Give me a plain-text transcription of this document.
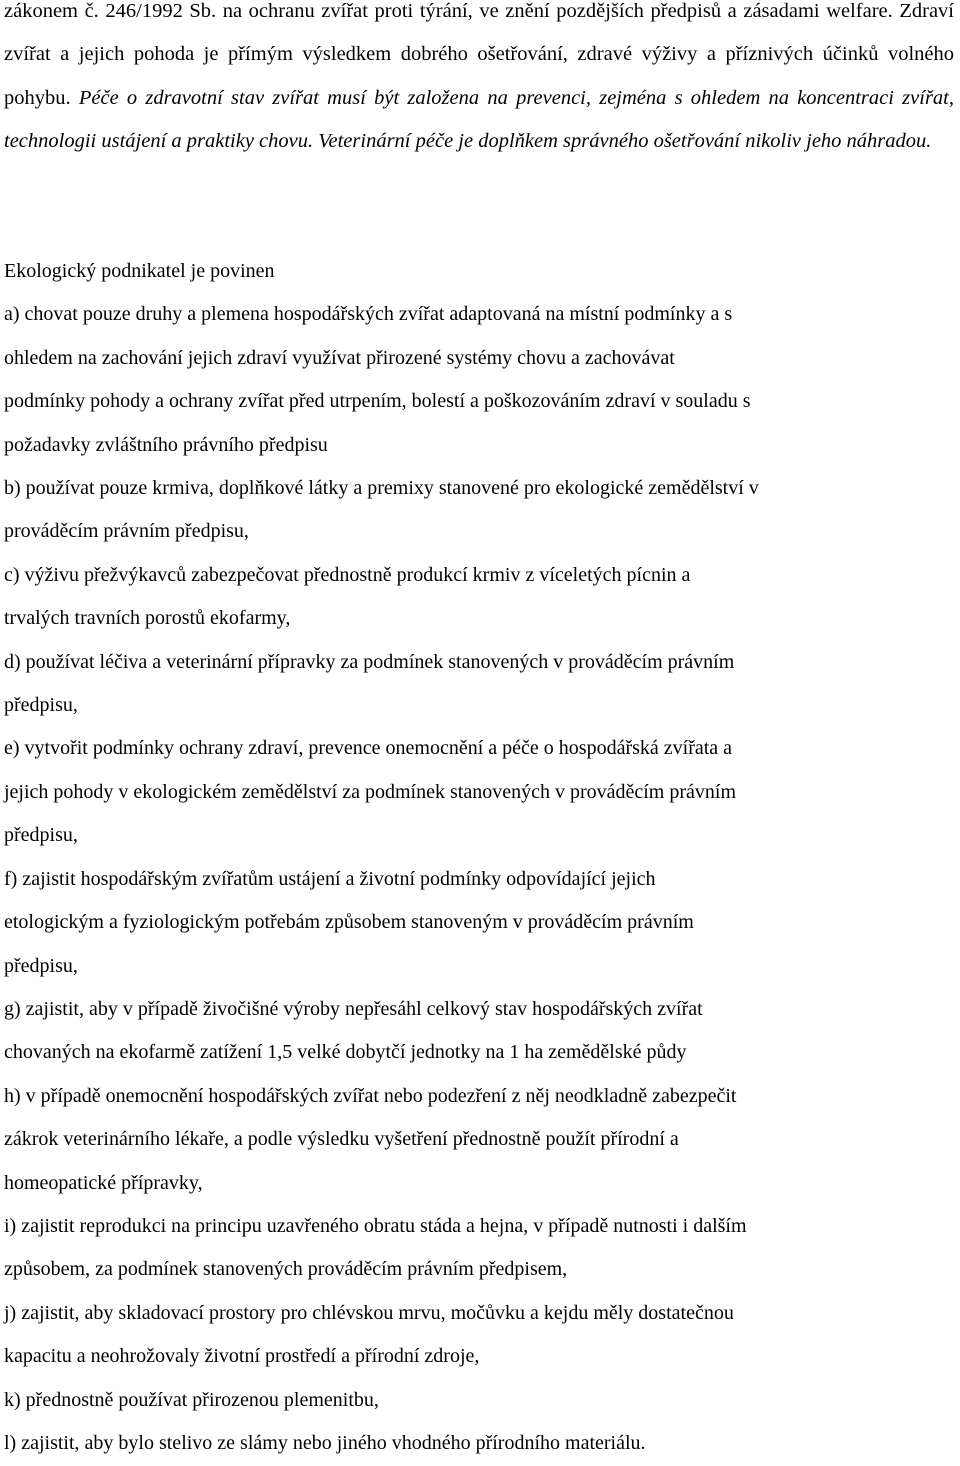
zákonem č. 246/1992 Sb. na ochranu zvířat proti týrání, ve znění pozdějších předpisů a zásadami welfare. Zdraví zvířat a jejich pohoda je přímým výsledkem dobrého ošetřování, zdravé výživy a příznivých účinků volného pohybu. Péče o zdravotní stav zvířat musí být založena na prevenci, zejména s ohledem na koncentraci zvířat, technologii ustájení a praktiky chovu. Veterinární péče je doplňkem správného ošetřování nikoliv jeho náhradou.

Ekologický podnikatel je povinen

a) chovat pouze druhy a plemena hospodářských zvířat adaptovaná na místní podmínky a s

ohledem na zachování jejich zdraví využívat přirozené systémy chovu a zachovávat

podmínky pohody a ochrany zvířat před utrpením, bolestí a poškozováním zdraví v souladu s

požadavky zvláštního právního předpisu

b) používat pouze krmiva, doplňkové látky a premixy stanovené pro ekologické zemědělství v

prováděcím právním předpisu,

c) výživu přežvýkavců zabezpečovat přednostně produkcí krmiv z víceletých pícnin a

trvalých travních porostů ekofarmy,

d) používat léčiva a veterinární přípravky za podmínek stanovených v prováděcím právním

předpisu,

e) vytvořit podmínky ochrany zdraví, prevence onemocnění a péče o hospodářská zvířata a

jejich pohody v ekologickém zemědělství za podmínek stanovených v prováděcím právním

předpisu,

f) zajistit hospodářským zvířatům ustájení a životní podmínky odpovídající jejich

etologickým a fyziologickým potřebám způsobem stanoveným v prováděcím právním

předpisu,

g) zajistit, aby v případě živočišné výroby nepřesáhl celkový stav hospodářských zvířat

chovaných na ekofarmě zatížení 1,5 velké dobytčí jednotky na 1 ha zemědělské půdy

h) v případě onemocnění hospodářských zvířat nebo podezření z něj neodkladně zabezpečit

zákrok veterinárního lékaře, a podle výsledku vyšetření přednostně použít přírodní a

homeopatické přípravky,

i) zajistit reprodukci na principu uzavřeného obratu stáda a hejna, v případě nutnosti i dalším

způsobem, za podmínek stanovených prováděcím právním předpisem,

j) zajistit, aby skladovací prostory pro chlévskou mrvu, močůvku a kejdu měly dostatečnou

kapacitu a neohrožovaly životní prostředí a přírodní zdroje,

k) přednostně používat přirozenou plemenitbu,

l) zajistit, aby bylo stelivo ze slámy nebo jiného vhodného přírodního materiálu.
